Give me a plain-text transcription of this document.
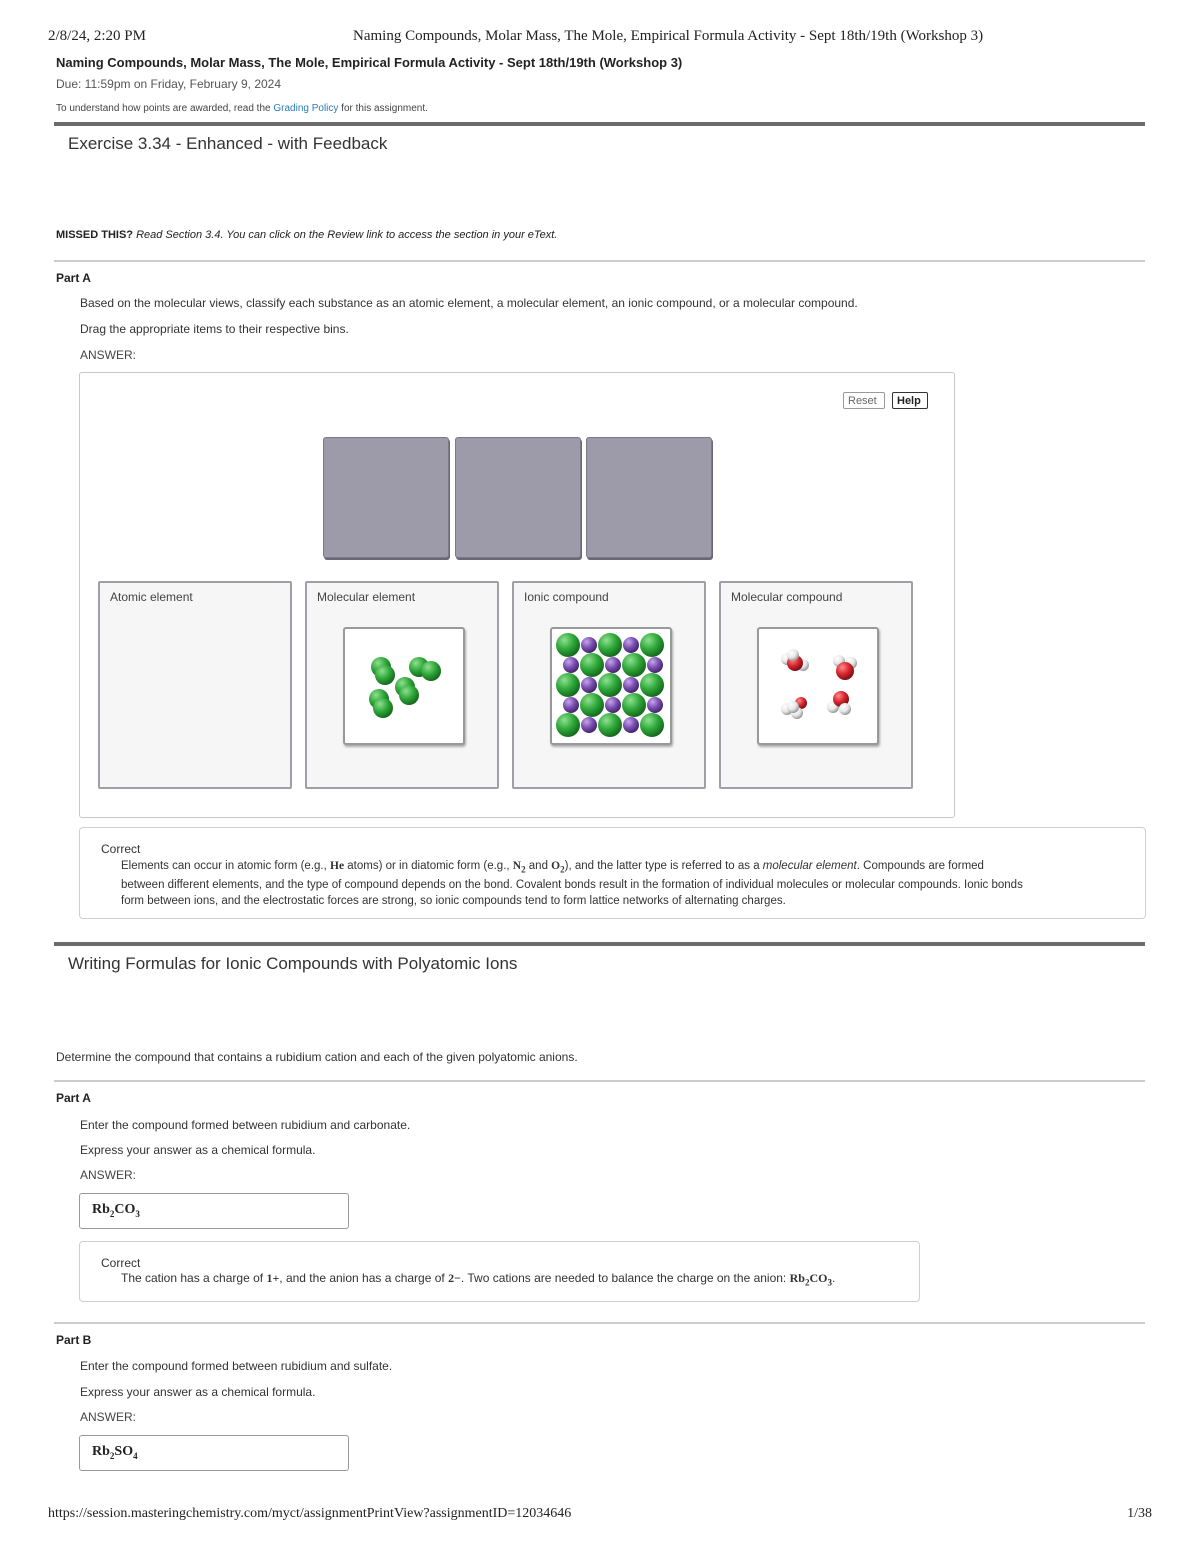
2/8/24, 2:20 PM	Naming Compounds, Molar Mass, The Mole, Empirical Formula Activity - Sept 18th/19th (Workshop 3)
Naming Compounds, Molar Mass, The Mole, Empirical Formula Activity - Sept 18th/19th (Workshop 3)
Due: 11:59pm on Friday, February 9, 2024
To understand how points are awarded, read the Grading Policy for this assignment.
Exercise 3.34 - Enhanced - with Feedback
MISSED THIS? Read Section 3.4. You can click on the Review link to access the section in your eText.
Part A
Based on the molecular views, classify each substance as an atomic element, a molecular element, an ionic compound, or a molecular compound.
Drag the appropriate items to their respective bins.
ANSWER:
Reset	Help
Atomic element	Molecular element	Ionic compound	Molecular compound
Correct
Elements can occur in atomic form (e.g., He atoms) or in diatomic form (e.g., $N_2$ and $O_2$), and the latter type is referred to as a molecular element. Compounds are formed
between different elements, and the type of compound depends on the bond. Covalent bonds result in the formation of individual molecules or molecular compounds. Ionic bonds
form between ions, and the electrostatic forces are strong, so ionic compounds tend to form lattice networks of alternating charges.
Writing Formulas for Ionic Compounds with Polyatomic Ions
Determine the compound that contains a rubidium cation and each of the given polyatomic anions.
Part A
Enter the compound formed between rubidium and carbonate.
Express your answer as a chemical formula.
ANSWER:
$Rb_2CO_3$
Correct
The cation has a charge of 1+, and the anion has a charge of 2−. Two cations are needed to balance the charge on the anion: $Rb_2CO_3$.
Part B
Enter the compound formed between rubidium and sulfate.
Express your answer as a chemical formula.
ANSWER:
$Rb_2SO_4$
https://session.masteringchemistry.com/myct/assignmentPrintView?assignmentID=12034646	1/38
